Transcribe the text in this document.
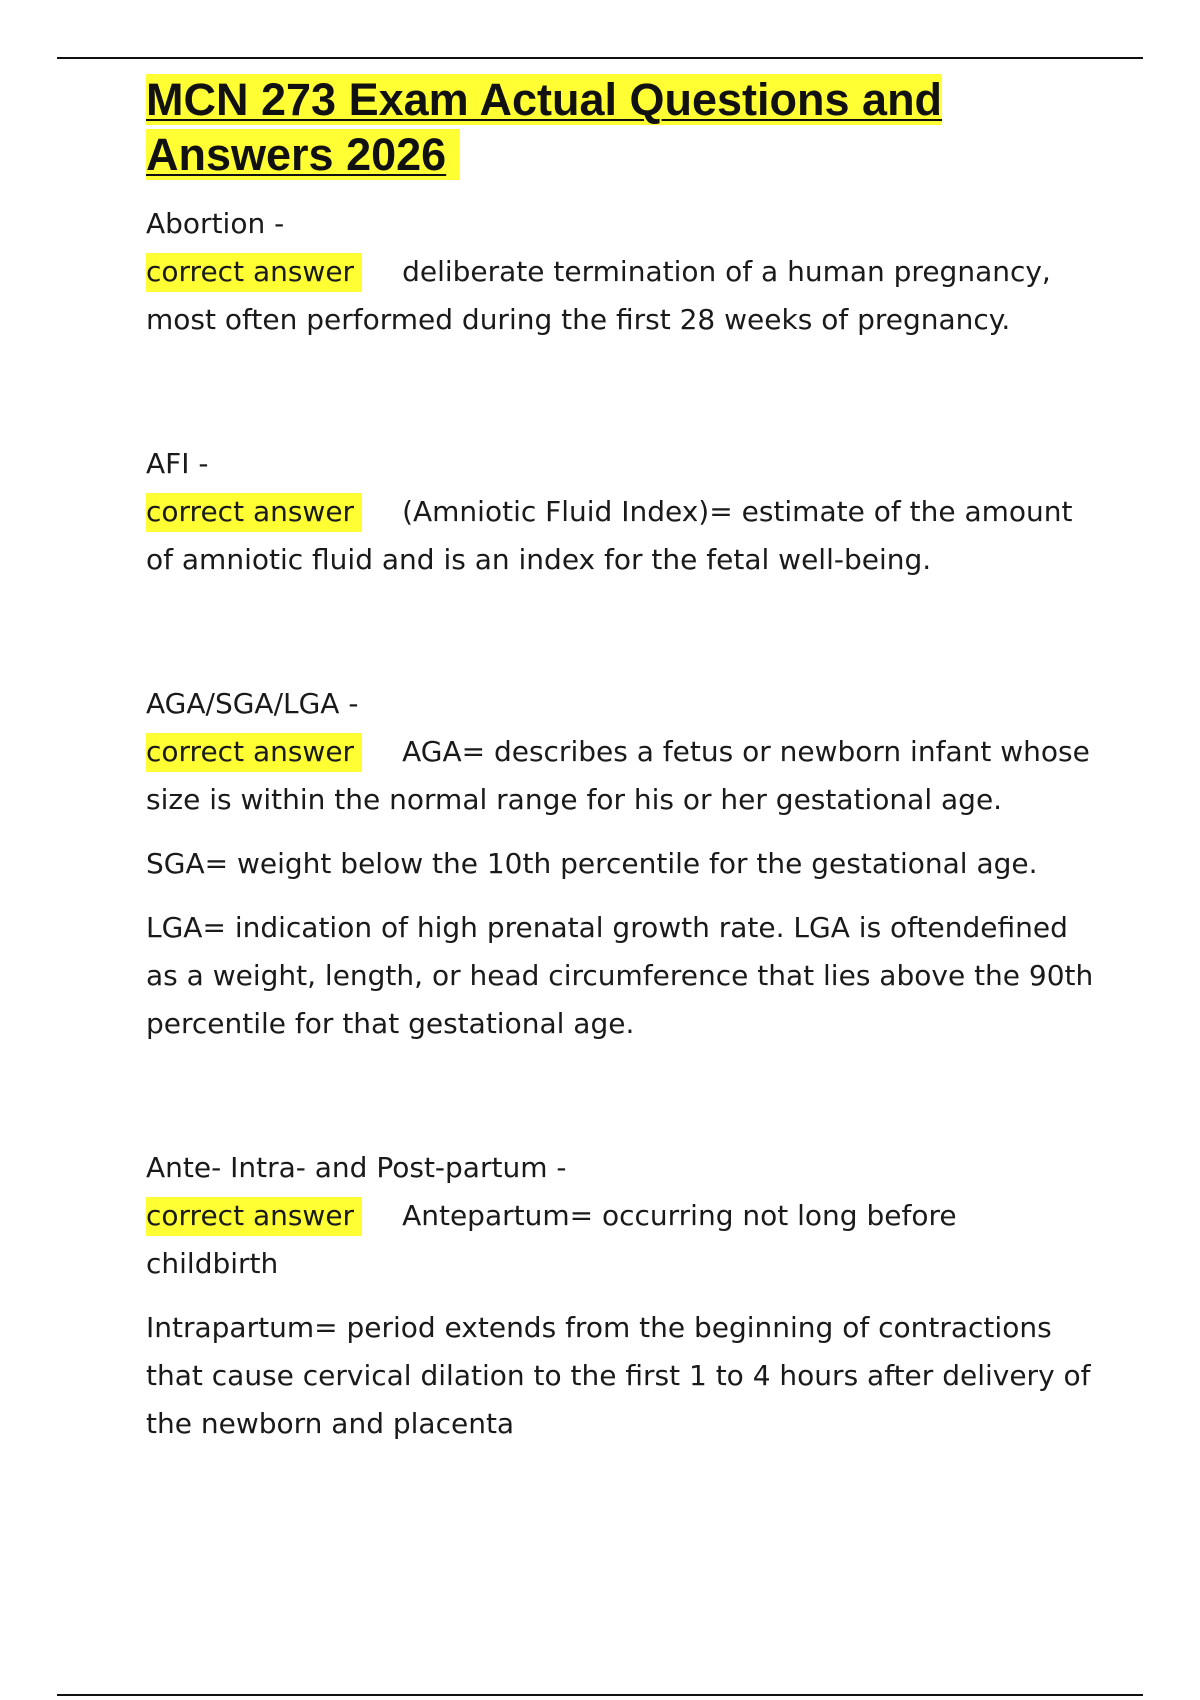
MCN 273 Exam Actual Questions and Answers 2026

Abortion -

correct answer deliberate termination of a human pregnancy, most often performed during the first 28 weeks of pregnancy.

AFI -

correct answer (Amniotic Fluid Index)= estimate of the amount of amniotic fluid and is an index for the fetal well-being.

AGA/SGA/LGA -

correct answer AGA= describes a fetus or newborn infant whose size is within the normal range for his or her gestational age.

SGA= weight below the 10th percentile for the gestational age.

LGA= indication of high prenatal growth rate. LGA is oftendefined as a weight, length, or head circumference that lies above the 90th percentile for that gestational age.

Ante- Intra- and Post-partum -

correct answer Antepartum= occurring not long before childbirth

Intrapartum= period extends from the beginning of contractions that cause cervical dilation to the first 1 to 4 hours after delivery of the newborn and placenta
